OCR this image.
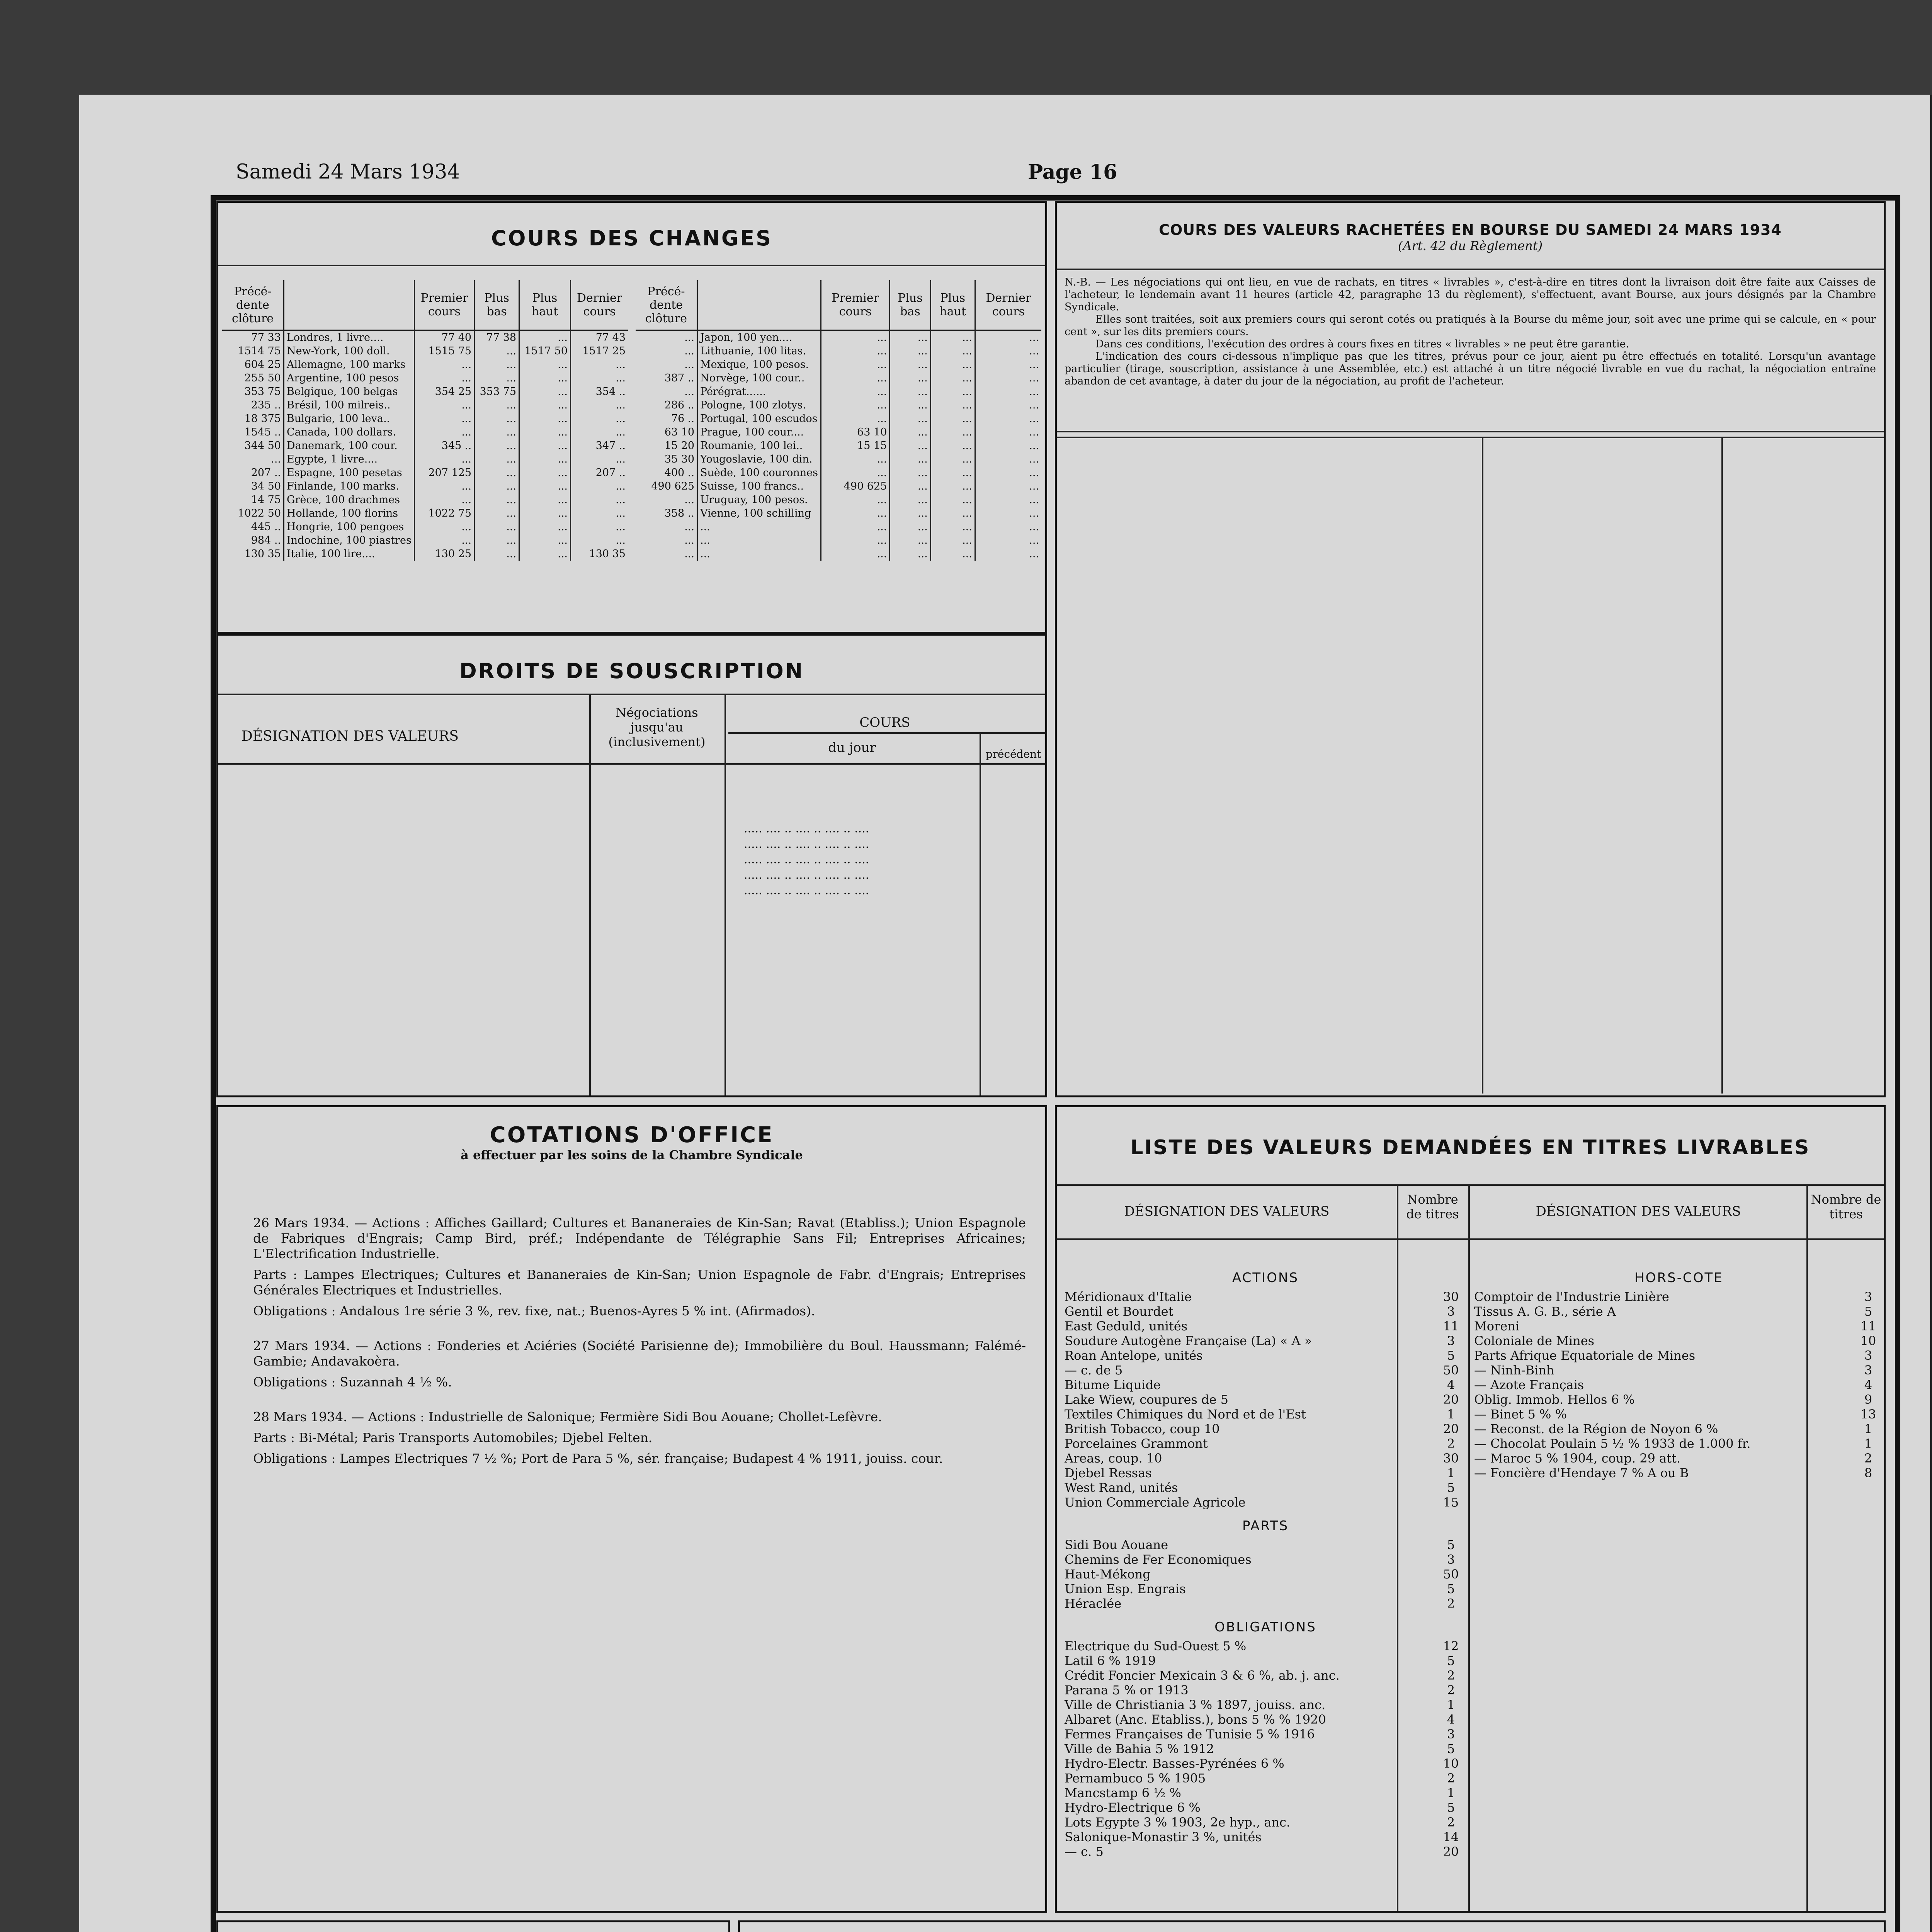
Samedi 24 Mars 1934	Page 16
COURS DES CHANGES
Précé- dente clôture		Premier cours	Plus bas	Plus haut	Dernier cours
77 33	Londres, 1 livre....	77 40	77 38	...	77 43
1514 75	New-York, 100 doll.	1515 75	...	1517 50	1517 25
604 25	Allemagne, 100 marks	...	...	...	...
255 50	Argentine, 100 pesos	...	...	...	...
353 75	Belgique, 100 belgas	354 25	353 75	...	354 ..
235 ..	Brésil, 100 milreis..	...	...	...	...
18 375	Bulgarie, 100 leva..	...	...	...	...
1545 ..	Canada, 100 dollars.	...	...	...	...
344 50	Danemark, 100 cour.	345 ..	...	...	347 ..
...	Egypte, 1 livre....	...	...	...	...
207 ..	Espagne, 100 pesetas	207 125	...	...	207 ..
34 50	Finlande, 100 marks.	...	...	...	...
14 75	Grèce, 100 drachmes	...	...	...	...
1022 50	Hollande, 100 florins	1022 75	...	...	...
445 ..	Hongrie, 100 pengoes	...	...	...	...
984 ..	Indochine, 100 piastres	...	...	...	...
130 35	Italie, 100 lire....	130 25	...	...	130 35
Précé- dente clôture		Premier cours	Plus bas	Plus haut	Dernier cours
...	Japon, 100 yen....	...	...	...	...
...	Lithuanie, 100 litas.	...	...	...	...
...	Mexique, 100 pesos.	...	...	...	...
387 ..	Norvège, 100 cour..	...	...	...	...
...	Pérégrat......	...	...	...	...
286 ..	Pologne, 100 zlotys.	...	...	...	...
76 ..	Portugal, 100 escudos	...	...	...	...
63 10	Prague, 100 cour....	63 10	...	...	...
15 20	Roumanie, 100 lei..	15 15	...	...	...
35 30	Yougoslavie, 100 din.	...	...	...	...
400 ..	Suède, 100 couronnes	...	...	...	...
490 625	Suisse, 100 francs..	490 625	...	...	...
...	Uruguay, 100 pesos.	...	...	...	...
358 ..	Vienne, 100 schilling	...	...	...	...
...	...	...	...	...	...
...	...	...	...	...	...
...	...	...	...	...	...
DROITS DE SOUSCRIPTION
DÉSIGNATION DES VALEURS
Négociations jusqu'au (inclusivement)
COURS
du jour	précédent
..... .... .. .... .. .... .. ....
..... .... .. .... .. .... .. ....
..... .... .. .... .. .... .. ....
..... .... .. .... .. .... .. ....
..... .... .. .... .. .... .. ....
COURS DES VALEURS RACHETÉES EN BOURSE DU SAMEDI 24 MARS 1934
(Art. 42 du Règlement)
N.-B. — Les négociations qui ont lieu, en vue de rachats, en titres « livrables », c'est-à-dire en titres dont la livraison doit être faite aux Caisses de l'acheteur, le lendemain avant 11 heures (article 42, paragraphe 13 du règlement), s'effectuent, avant Bourse, aux jours désignés par la Chambre Syndicale.
Elles sont traitées, soit aux premiers cours qui seront cotés ou pratiqués à la Bourse du même jour, soit avec une prime qui se calcule, en « pour cent », sur les dits premiers cours.
Dans ces conditions, l'exécution des ordres à cours fixes en titres « livrables » ne peut être garantie.
L'indication des cours ci-dessous n'implique pas que les titres, prévus pour ce jour, aient pu être effectués en totalité. Lorsqu'un avantage particulier (tirage, souscription, assistance à une Assemblée, etc.) est attaché à un titre négocié livrable en vue du rachat, la négociation entraîne abandon de cet avantage, à dater du jour de la négociation, au profit de l'acheteur.
COTATIONS D'OFFICE
à effectuer par les soins de la Chambre Syndicale

26 Mars 1934. — Actions : Affiches Gaillard; Cultures et Bananeraies de Kin-San; Ravat (Etabliss.); Union Espagnole de Fabriques d'Engrais; Camp Bird, préf.; Indépendante de Télégraphie Sans Fil; Entreprises Africaines; L'Electrification Industrielle.

Parts : Lampes Electriques; Cultures et Bananeraies de Kin-San; Union Espagnole de Fabr. d'Engrais; Entreprises Générales Electriques et Industrielles.

Obligations : Andalous 1re série 3 %, rev. fixe, nat.; Buenos-Ayres 5 % int. (Afirmados).

27 Mars 1934. — Actions : Fonderies et Aciéries (Société Parisienne de); Immobilière du Boul. Haussmann; Falémé-Gambie; Andavakoèra.

Obligations : Suzannah 4 ½ %.

28 Mars 1934. — Actions : Industrielle de Salonique; Fermière Sidi Bou Aouane; Chollet-Lefèvre.

Parts : Bi-Métal; Paris Transports Automobiles; Djebel Felten.

Obligations : Lampes Electriques 7 ½ %; Port de Para 5 %, sér. française; Budapest 4 % 1911, jouiss. cour.

LISTE DES VALEURS DEMANDÉES EN TITRES LIVRABLES
DÉSIGNATION DES VALEURS
Nombre de titres	DÉSIGNATION DES VALEURS
Nombre de titres
ACTIONS
Méridionaux d'Italie	30
Gentil et Bourdet	3
East Geduld, unités	11
Soudure Autogène Française (La) « A »	3
Roan Antelope, unités	5
— c. de 5	50
Bitume Liquide	4
Lake Wiew, coupures de 5	20
Textiles Chimiques du Nord et de l'Est	1
British Tobacco, coup 10	20
Porcelaines Grammont	2
Areas, coup. 10	30
Djebel Ressas	1
West Rand, unités	5
Union Commerciale Agricole	15
PARTS
Sidi Bou Aouane	5
Chemins de Fer Economiques	3
Haut-Mékong	50
Union Esp. Engrais	5
Héraclée	2
OBLIGATIONS
Electrique du Sud-Ouest 5 %	12
Latil 6 % 1919	5
Crédit Foncier Mexicain 3 & 6 %, ab. j. anc.	2
Parana 5 % or 1913	2
Ville de Christiania 3 % 1897, jouiss. anc.	1
Albaret (Anc. Etabliss.), bons 5 % % 1920	4
Fermes Françaises de Tunisie 5 % 1916	3
Ville de Bahia 5 % 1912	5
Hydro-Electr. Basses-Pyrénées 6 %	10
Pernambuco 5 % 1905	2
Mancstamp 6 ½ %	1
Hydro-Electrique 6 %	5
Lots Egypte 3 % 1903, 2e hyp., anc.	2
Salonique-Monastir 3 %, unités	14
— c. 5	20
HORS-COTE
Comptoir de l'Industrie Linière	3
Tissus A. G. B., série A	5
Moreni	11
Coloniale de Mines	10
Parts Afrique Equatoriale de Mines	3
— Ninh-Binh	3
— Azote Français	4
Oblig. Immob. Hellos 6 %	9
— Binet 5 % %	13
— Reconst. de la Région de Noyon 6 %	1
— Chocolat Poulain 5 ½ % 1933 de 1.000 fr.	1
— Maroc 5 % 1904, coup. 29 att.	2
— Foncière d'Hendaye 7 % A ou B	8
